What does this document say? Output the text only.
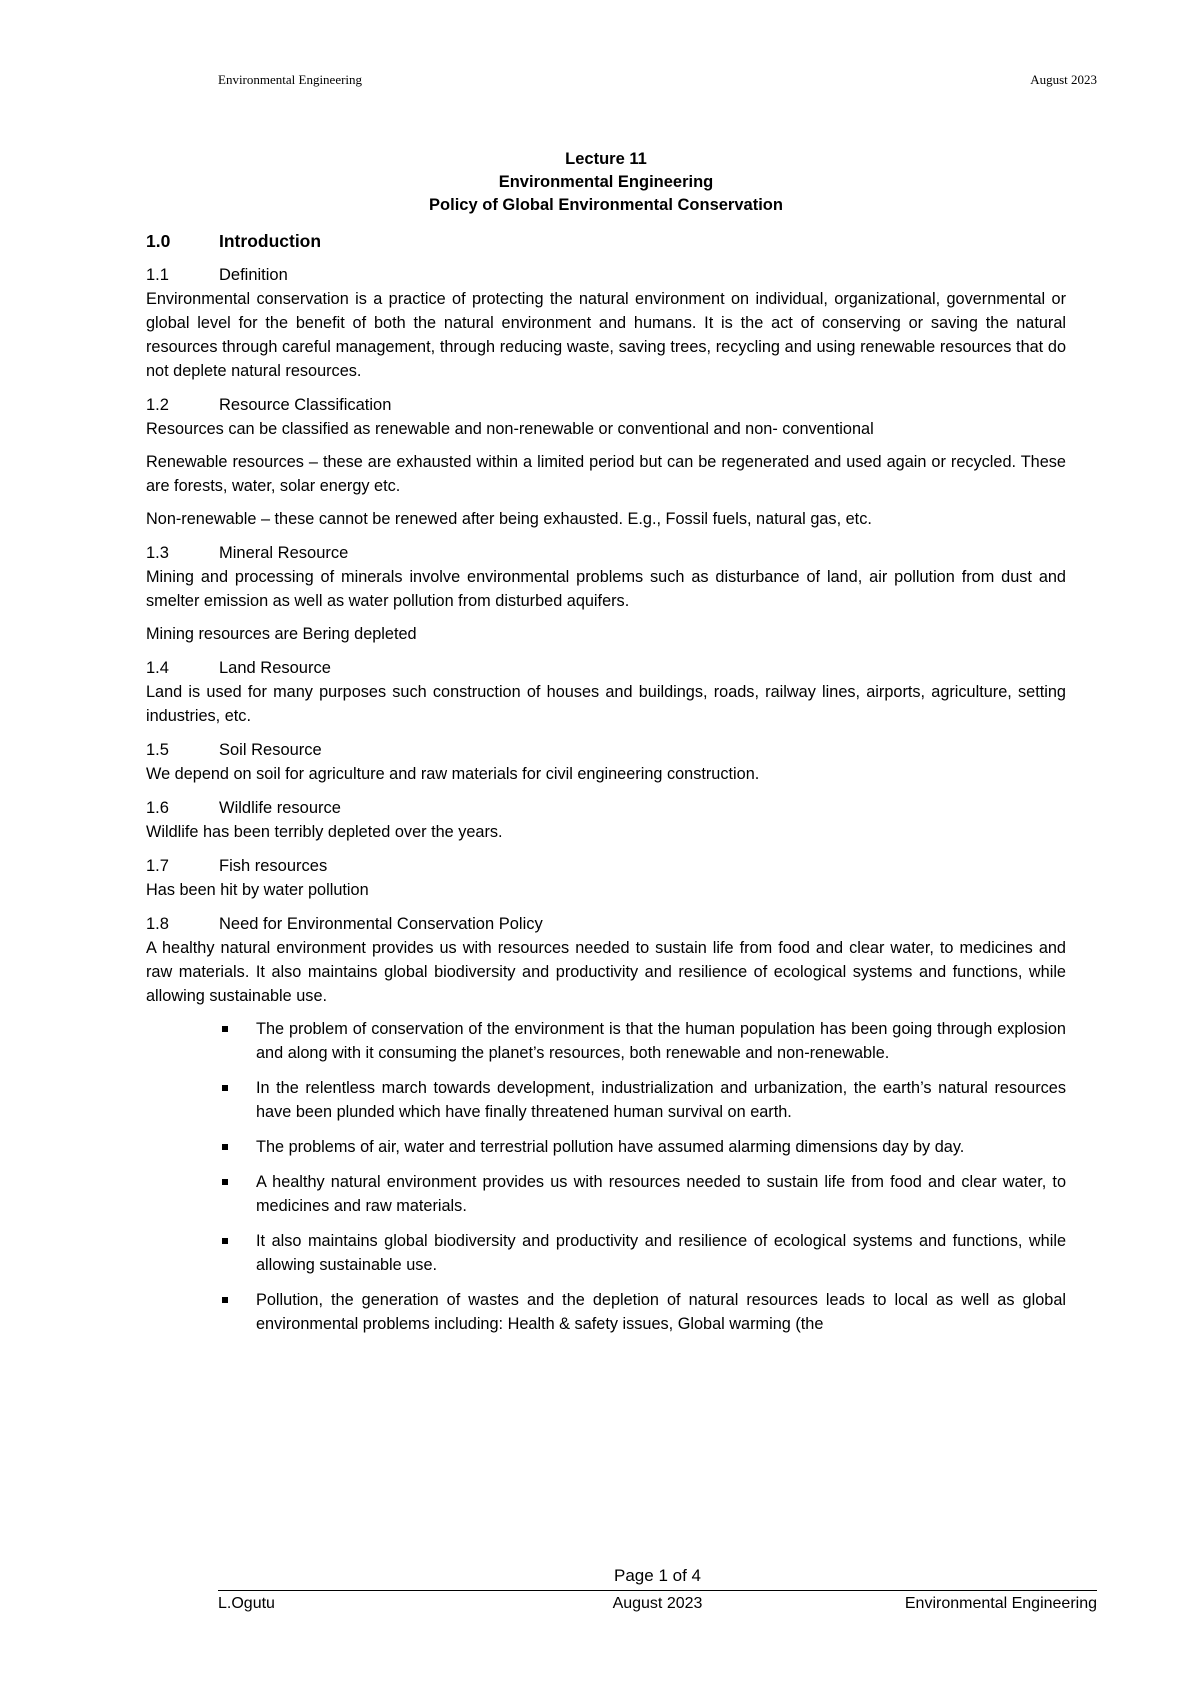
Environmental Engineering	August 2023
Lecture 11
Environmental Engineering
Policy of Global Environmental Conservation
1.0	Introduction
1.1	Definition
Environmental conservation is a practice of protecting the natural environment on individual, organizational, governmental or global level for the benefit of both the natural environment and humans. It is the act of conserving or saving the natural resources through careful management, through reducing waste, saving trees, recycling and using renewable resources that do not deplete natural resources.
1.2	Resource Classification
Resources can be classified as renewable and non-renewable or conventional and non- conventional
Renewable resources – these are exhausted within a limited period but can be regenerated and used again or recycled. These are forests, water, solar energy etc.
Non-renewable – these cannot be renewed after being exhausted. E.g., Fossil fuels, natural gas, etc.
1.3	Mineral Resource
Mining and processing of minerals involve environmental problems such as disturbance of land, air pollution from dust and smelter emission as well as water pollution from disturbed aquifers.
Mining resources are Bering depleted
1.4	Land Resource
Land is used for many purposes such construction of houses and buildings, roads, railway lines, airports, agriculture, setting industries, etc.
1.5	Soil Resource
We depend on soil for agriculture and raw materials for civil engineering construction.
1.6	Wildlife resource
Wildlife has been terribly depleted over the years.
1.7	Fish resources
Has been hit by water pollution
1.8	Need for Environmental Conservation Policy
A healthy natural environment provides us with resources needed to sustain life from food and clear water, to medicines and raw materials. It also maintains global biodiversity and productivity and resilience of ecological systems and functions, while allowing sustainable use.
The problem of conservation of the environment is that the human population has been going through explosion and along with it consuming the planet’s resources, both renewable and non-renewable.
In the relentless march towards development, industrialization and urbanization, the earth’s natural resources have been plunded which have finally threatened human survival on earth.
The problems of air, water and terrestrial pollution have assumed alarming dimensions day by day.
A healthy natural environment provides us with resources needed to sustain life from food and clear water, to medicines and raw materials.
It also maintains global biodiversity and productivity and resilience of ecological systems and functions, while allowing sustainable use.
Pollution, the generation of wastes and the depletion of natural resources leads to local as well as global environmental problems including: Health & safety issues, Global warming (the
Page 1 of 4
L.Ogutu	August 2023	Environmental Engineering
